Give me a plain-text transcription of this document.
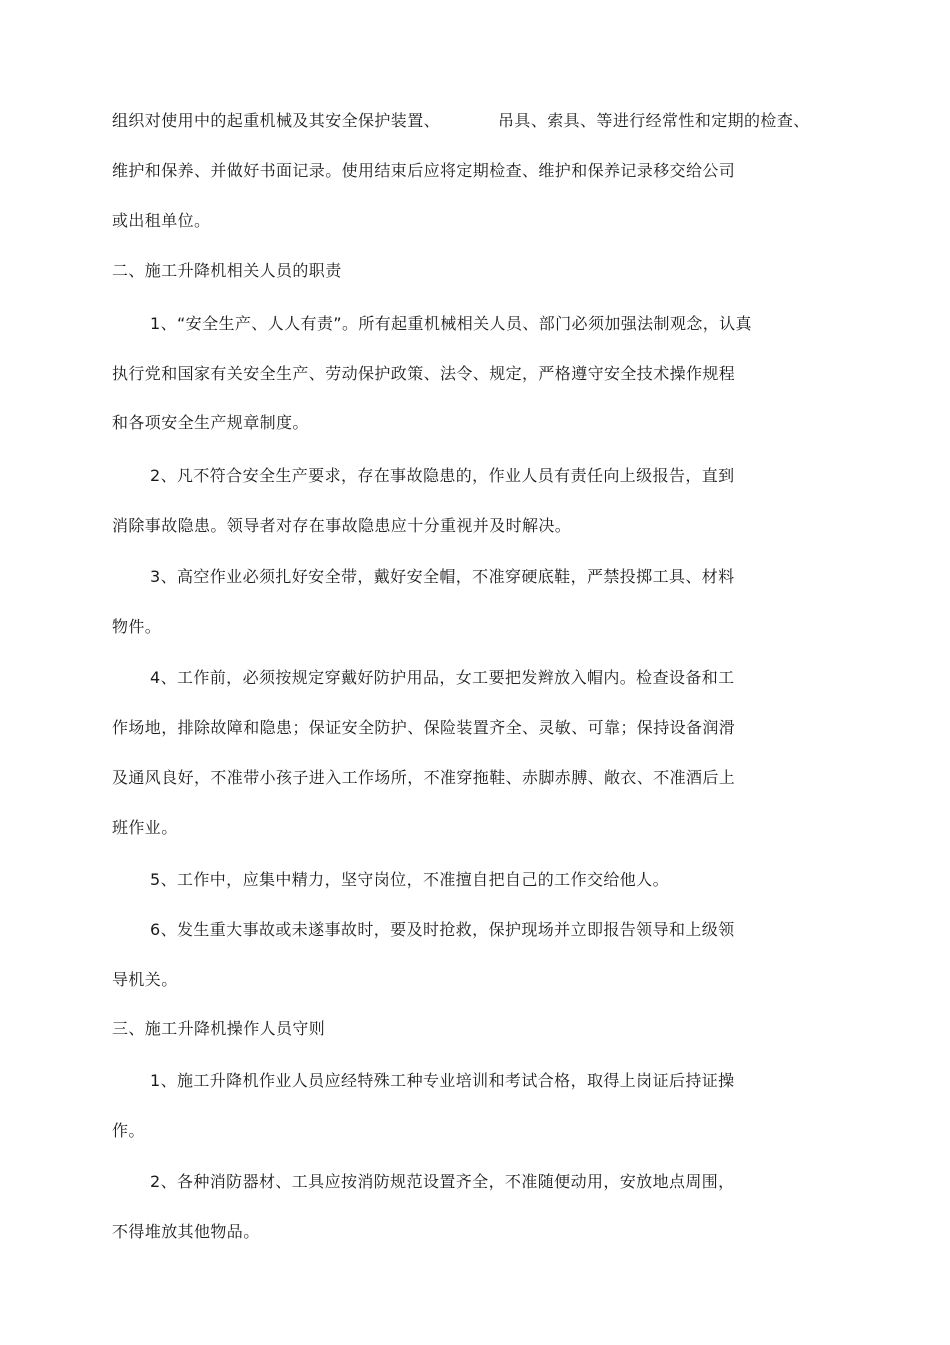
组织对使用中的起重机械及其安全保护装置、	吊具、索具、等进行经常性和定期的检查、
维护和保养、并做好书面记录。使用结束后应将定期检查、维护和保养记录移交给公司
或出租单位。
二、施工升降机相关人员的职责
1、“安全生产、人人有责”。所有起重机械相关人员、部门必须加强法制观念，认真
执行党和国家有关安全生产、劳动保护政策、法令、规定，严格遵守安全技术操作规程
和各项安全生产规章制度。
2、凡不符合安全生产要求，存在事故隐患的，作业人员有责任向上级报告，直到
消除事故隐患。领导者对存在事故隐患应十分重视并及时解决。
3、高空作业必须扎好安全带，戴好安全帽，不准穿硬底鞋，严禁投掷工具、材料
物件。
4、工作前，必须按规定穿戴好防护用品，女工要把发辫放入帽内。检查设备和工
作场地，排除故障和隐患；保证安全防护、保险装置齐全、灵敏、可靠；保持设备润滑
及通风良好，不准带小孩子进入工作场所，不准穿拖鞋、赤脚赤膊、敞衣、不准酒后上
班作业。
5、工作中，应集中精力，坚守岗位，不准擅自把自己的工作交给他人。
6、发生重大事故或未遂事故时，要及时抢救，保护现场并立即报告领导和上级领
导机关。
三、施工升降机操作人员守则
1、施工升降机作业人员应经特殊工种专业培训和考试合格，取得上岗证后持证操
作。
2、各种消防器材、工具应按消防规范设置齐全，不准随便动用，安放地点周围，
不得堆放其他物品。
